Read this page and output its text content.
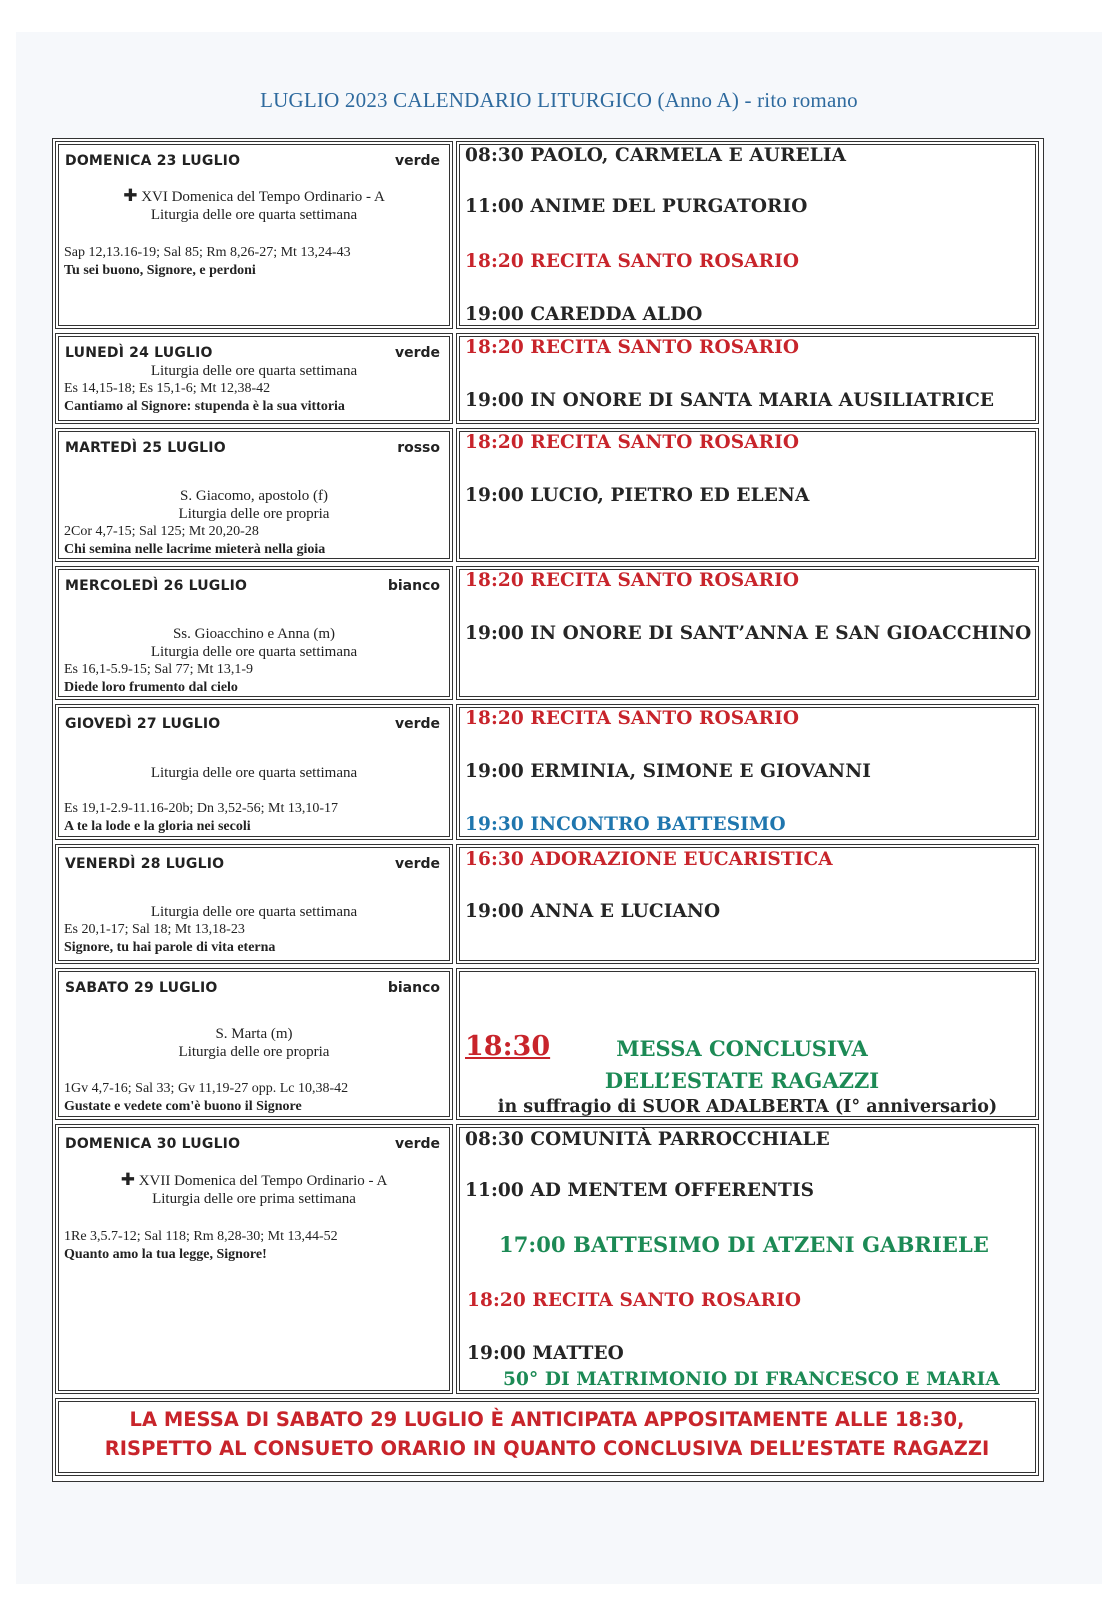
LUGLIO 2023 CALENDARIO LITURGICO (Anno A) - rito romano
DOMENICA 23 LUGLIO	verde
✚ XVI Domenica del Tempo Ordinario - A
Liturgia delle ore quarta settimana
Sap 12,13.16-19; Sal 85; Rm 8,26-27; Mt 13,24-43
Tu sei buono, Signore, e perdoni
08:30 PAOLO, CARMELA E AURELIA
11:00 ANIME DEL PURGATORIO
18:20 RECITA SANTO ROSARIO
19:00 CAREDDA ALDO
LUNEDÌ 24 LUGLIO	verde
Liturgia delle ore quarta settimana
Es 14,15-18; Es 15,1-6; Mt 12,38-42
Cantiamo al Signore: stupenda è la sua vittoria
18:20 RECITA SANTO ROSARIO
19:00 IN ONORE DI SANTA MARIA AUSILIATRICE
MARTEDÌ 25 LUGLIO	rosso
S. Giacomo, apostolo (f)
Liturgia delle ore propria
2Cor 4,7-15; Sal 125; Mt 20,20-28
Chi semina nelle lacrime mieterà nella gioia
18:20 RECITA SANTO ROSARIO
19:00 LUCIO, PIETRO ED ELENA
MERCOLEDÌ 26 LUGLIO	bianco
Ss. Gioacchino e Anna (m)
Liturgia delle ore quarta settimana
Es 16,1-5.9-15; Sal 77; Mt 13,1-9
Diede loro frumento dal cielo
18:20 RECITA SANTO ROSARIO
19:00 IN ONORE DI SANT’ANNA E SAN GIOACCHINO
GIOVEDÌ 27 LUGLIO	verde
Liturgia delle ore quarta settimana
Es 19,1-2.9-11.16-20b; Dn 3,52-56; Mt 13,10-17
A te la lode e la gloria nei secoli
18:20 RECITA SANTO ROSARIO
19:00 ERMINIA, SIMONE E GIOVANNI
19:30 INCONTRO BATTESIMO
VENERDÌ 28 LUGLIO	verde
Liturgia delle ore quarta settimana
Es 20,1-17; Sal 18; Mt 13,18-23
Signore, tu hai parole di vita eterna
16:30 ADORAZIONE EUCARISTICA
19:00 ANNA E LUCIANO
SABATO 29 LUGLIO	bianco
S. Marta (m)
Liturgia delle ore propria
1Gv 4,7-16; Sal 33; Gv 11,19-27 opp. Lc 10,38-42
Gustate e vedete com'è buono il Signore
18:30	MESSA CONCLUSIVA
DELL’ESTATE RAGAZZI
in suffragio di SUOR ADALBERTA (I° anniversario)
DOMENICA 30 LUGLIO	verde
✚ XVII Domenica del Tempo Ordinario - A
Liturgia delle ore prima settimana
1Re 3,5.7-12; Sal 118; Rm 8,28-30; Mt 13,44-52
Quanto amo la tua legge, Signore!
08:30 COMUNITÀ PARROCCHIALE
11:00 AD MENTEM OFFERENTIS
17:00 BATTESIMO DI ATZENI GABRIELE
18:20 RECITA SANTO ROSARIO
19:00 MATTEO
50° DI MATRIMONIO DI FRANCESCO E MARIA
LA MESSA DI SABATO 29 LUGLIO È ANTICIPATA APPOSITAMENTE ALLE 18:30,
RISPETTO AL CONSUETO ORARIO IN QUANTO CONCLUSIVA DELL’ESTATE RAGAZZI
